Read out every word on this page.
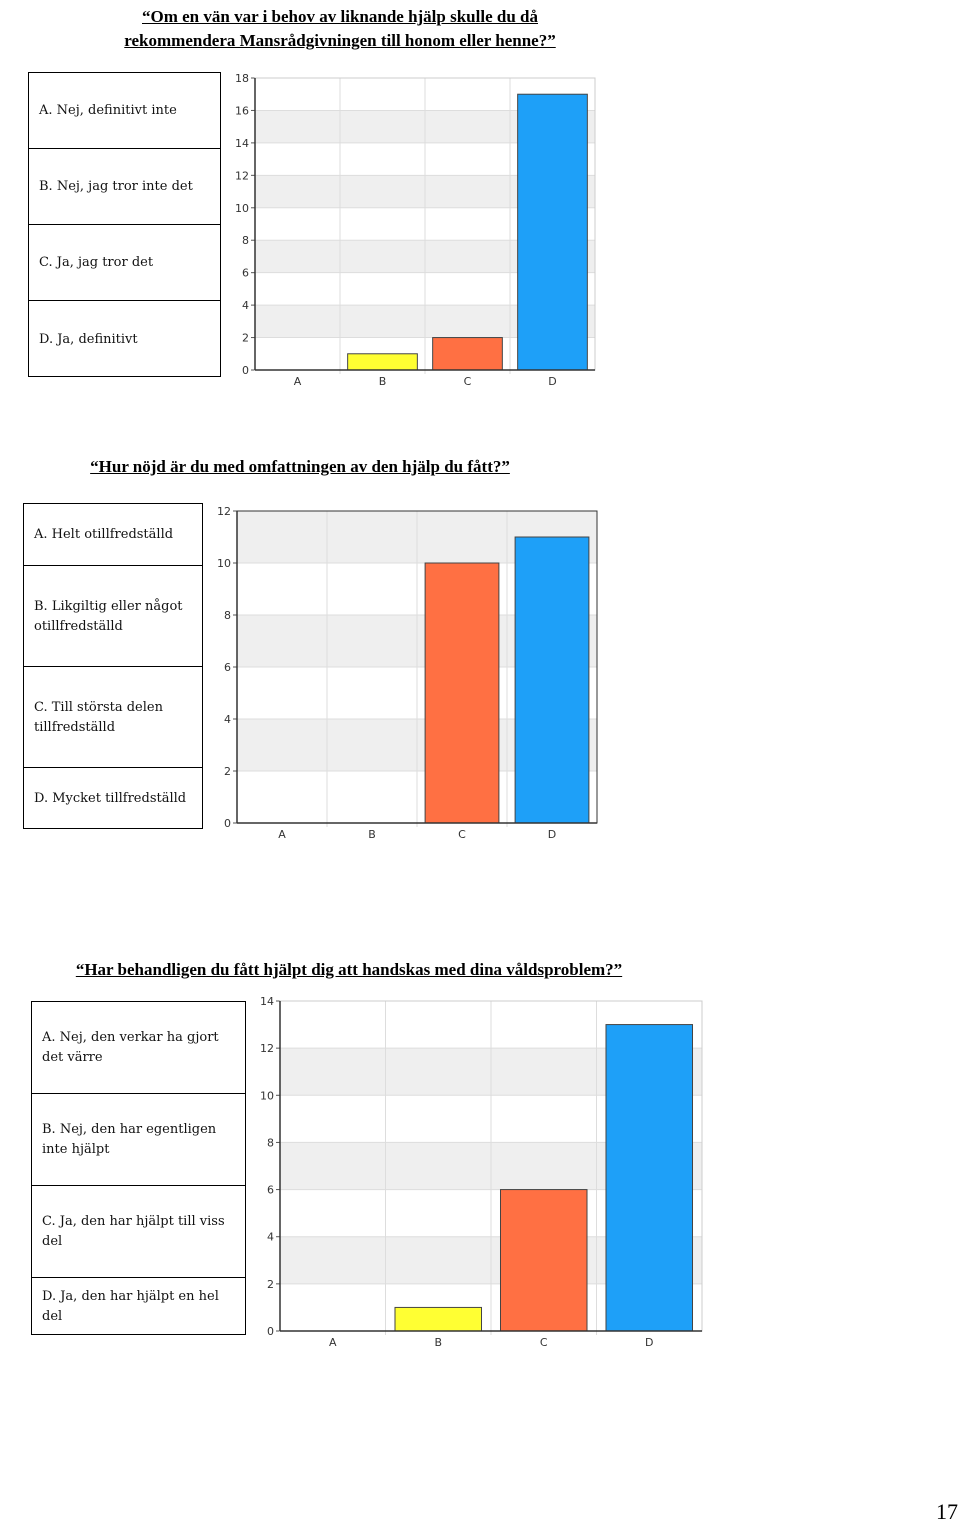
“Om en vän var i behov av liknande hjälp skulle du då
rekommendera Mansrådgivningen till honom eller henne?”
A. Nej, definitivt inte
B. Nej, jag tror inte det
C. Ja, jag tror det
D. Ja, definitivt
0
2
4
6
8
10
12
14
16
18
A	B	C	D
“Hur nöjd är du med omfattningen av den hjälp du fått?”
A. Helt otillfredställd
B. Likgiltig eller något otillfredställd
C. Till största delen tillfredställd
D. Mycket tillfredställd
0
2
4
6
8
10
12
A	B	C	D
“Har behandligen du fått hjälpt dig att handskas med dina våldsproblem?”
A. Nej, den verkar ha gjort det värre
B. Nej, den har egentligen inte hjälpt
C. Ja, den har hjälpt till viss del
D. Ja, den har hjälpt en hel del
0
2
4
6
8
10
12
14
A	B	C	D
17
